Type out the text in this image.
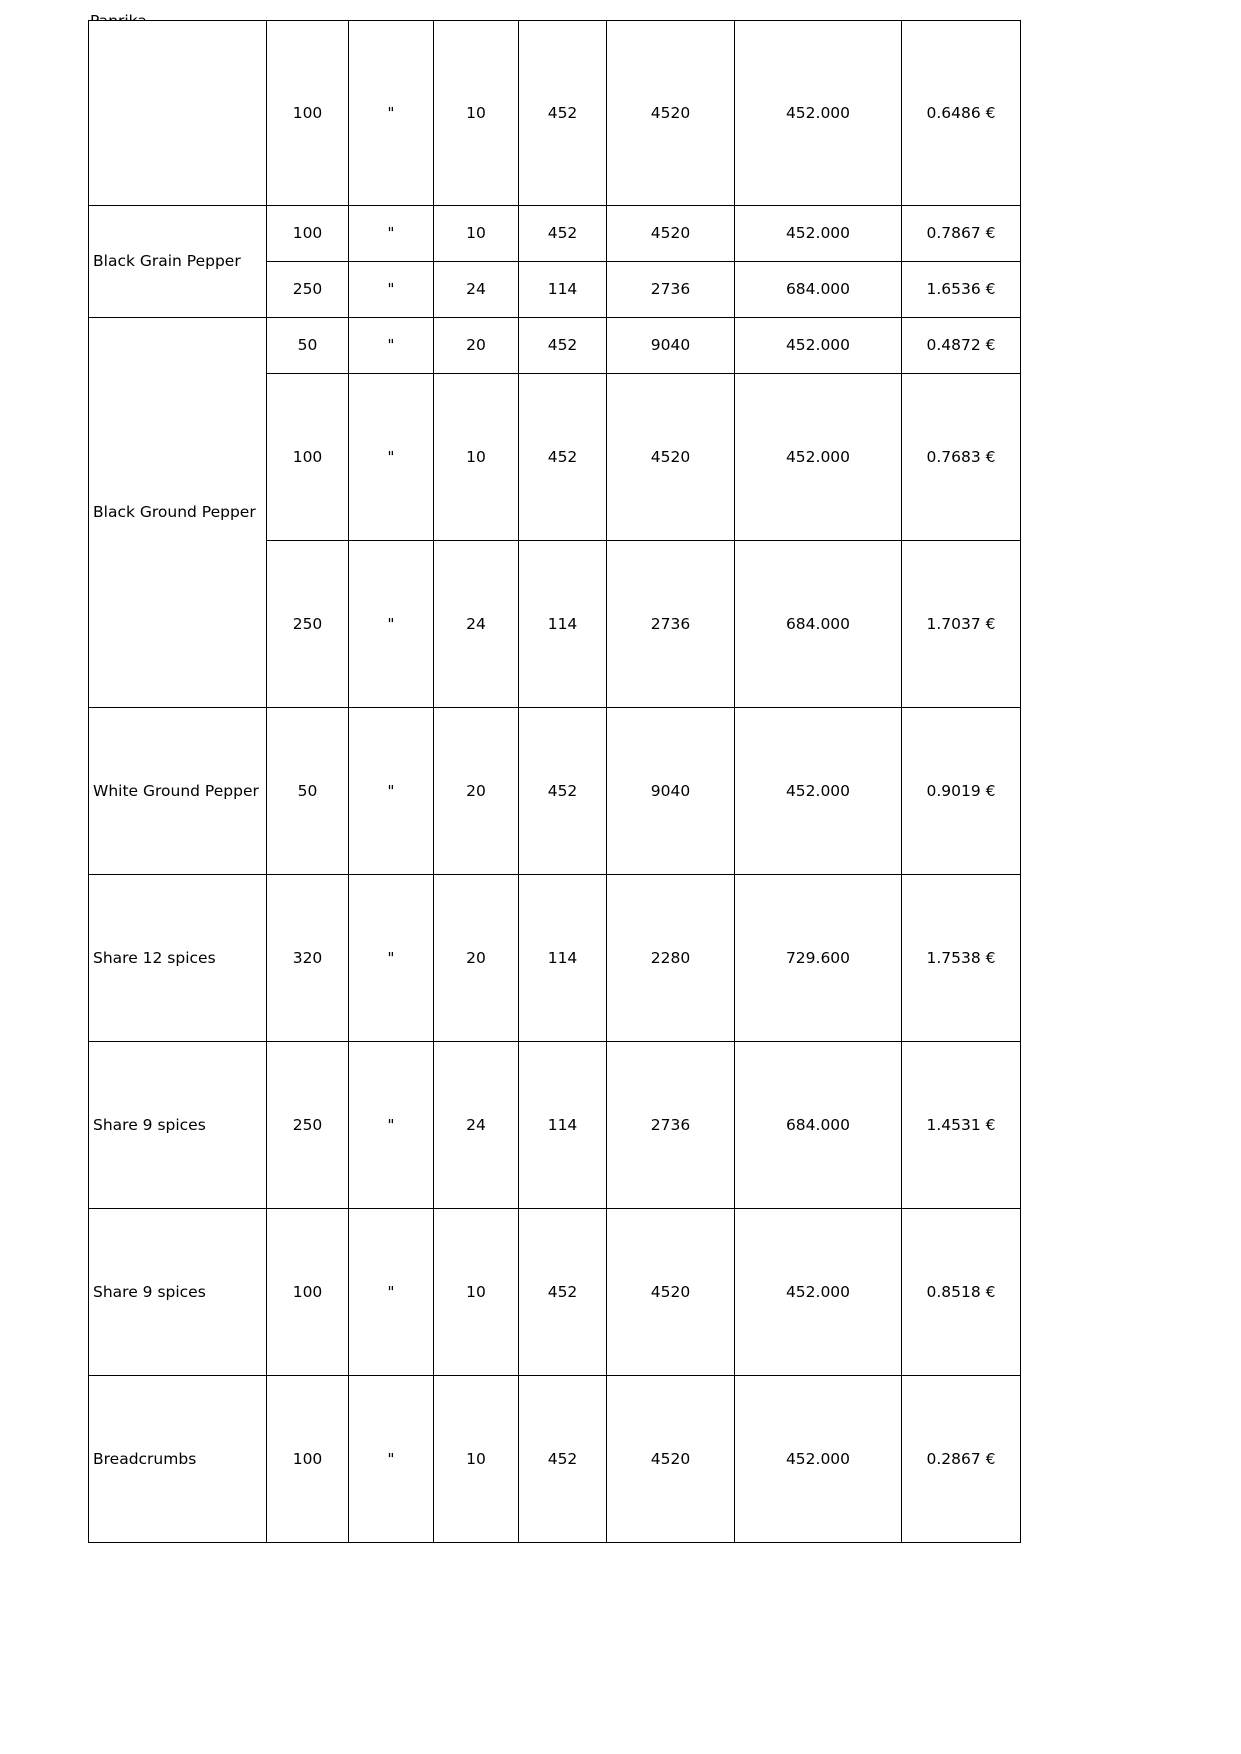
	100	"	10	452	4520	452.000	0.6486 €
Black Grain Pepper	100	"	10	452	4520	452.000	0.7867 €
	250	"	24	114	2736	684.000	1.6536 €
Black Ground Pepper	50	"	20	452	9040	452.000	0.4872 €
	100	"	10	452	4520	452.000	0.7683 €
	250	"	24	114	2736	684.000	1.7037 €
White Ground Pepper	50	"	20	452	9040	452.000	0.9019 €
Share 12 spices	320	"	20	114	2280	729.600	1.7538 €
Share 9 spices	250	"	24	114	2736	684.000	1.4531 €
Share 9 spices	100	"	10	452	4520	452.000	0.8518 €
Breadcrumbs	100	"	10	452	4520	452.000	0.2867 €
